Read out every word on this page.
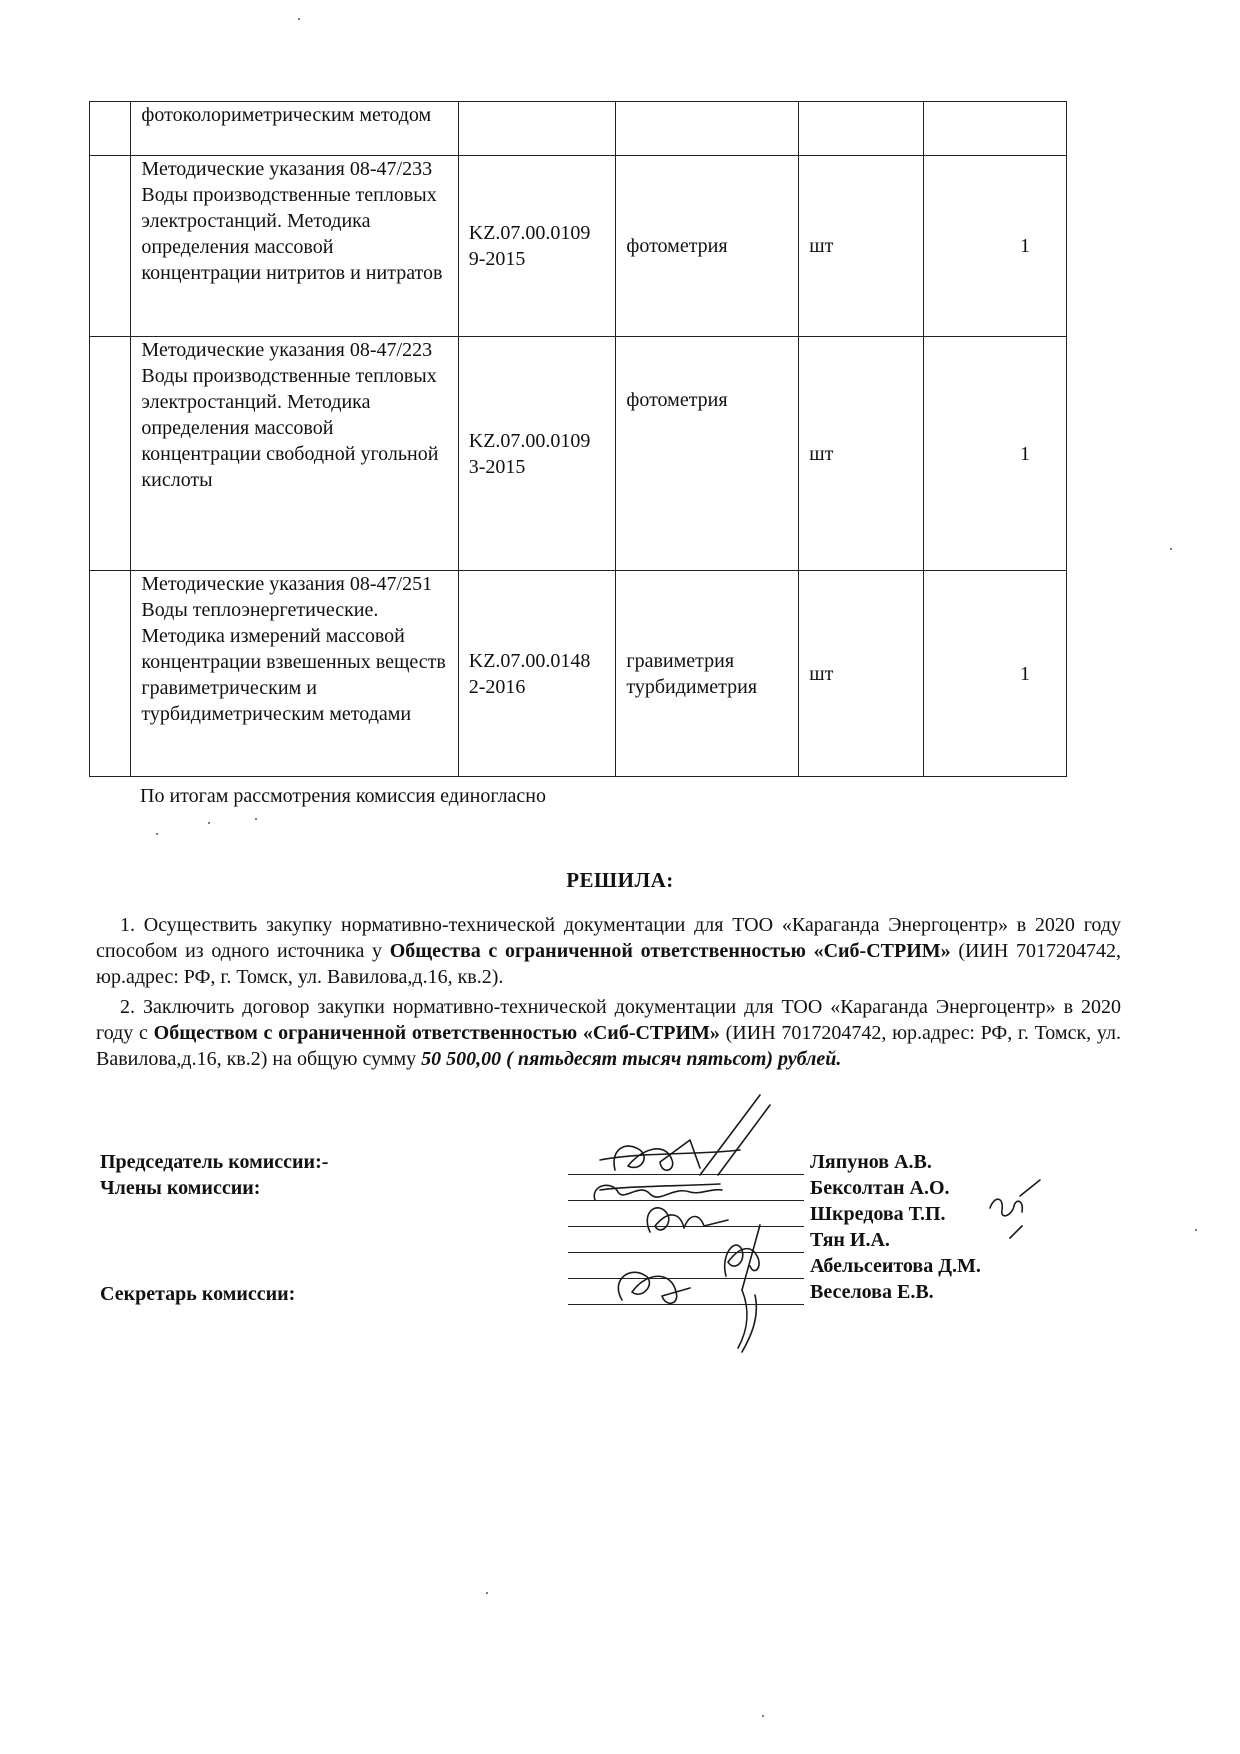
	фотоколориметрическим методом				

	Методические указания 08-47/233 Воды производственные тепловых электростанций. Методика определения массовой концентрации нитритов и нитратов	KZ.07.00.0109 9-2015	фотометрия	шт	1

	Методические указания 08-47/223 Воды производственные тепловых электростанций. Методика определения массовой концентрации свободной угольной кислоты	KZ.07.00.0109 3-2015	фотометрия	шт	1

	Методические указания 08-47/251 Воды теплоэнергетические. Методика измерений массовой концентрации взвешенных веществ гравиметрическим и турбидиметрическим методами	KZ.07.00.0148 2-2016	гравиметрия турбидиметрия	шт	1
По итогам рассмотрения комиссия единогласно
РЕШИЛА:

1. Осуществить закупку нормативно-технической документации для ТОО «Караганда Энергоцентр» в 2020 году способом из одного источника у Общества с ограниченной ответственностью «Сиб-СТРИМ» (ИИН 7017204742, юр.адрес: РФ, г. Томск, ул. Вавилова,д.16, кв.2).

2. Заключить договор закупки нормативно-технической документации для ТОО «Караганда Энергоцентр» в 2020 году с Обществом с ограниченной ответственностью «Сиб-СТРИМ» (ИИН 7017204742, юр.адрес: РФ, г. Томск, ул. Вавилова,д.16, кв.2) на общую сумму 50 500,00 ( пятьдесят тысяч пятьсот) рублей.

Председатель комиссии:-
Члены комиссии:
Секретарь комиссии:
Ляпунов А.В.
Бексолтан А.О.
Шкредова Т.П.
Тян И.А.
Абельсеитова Д.М.
Веселова Е.В.
